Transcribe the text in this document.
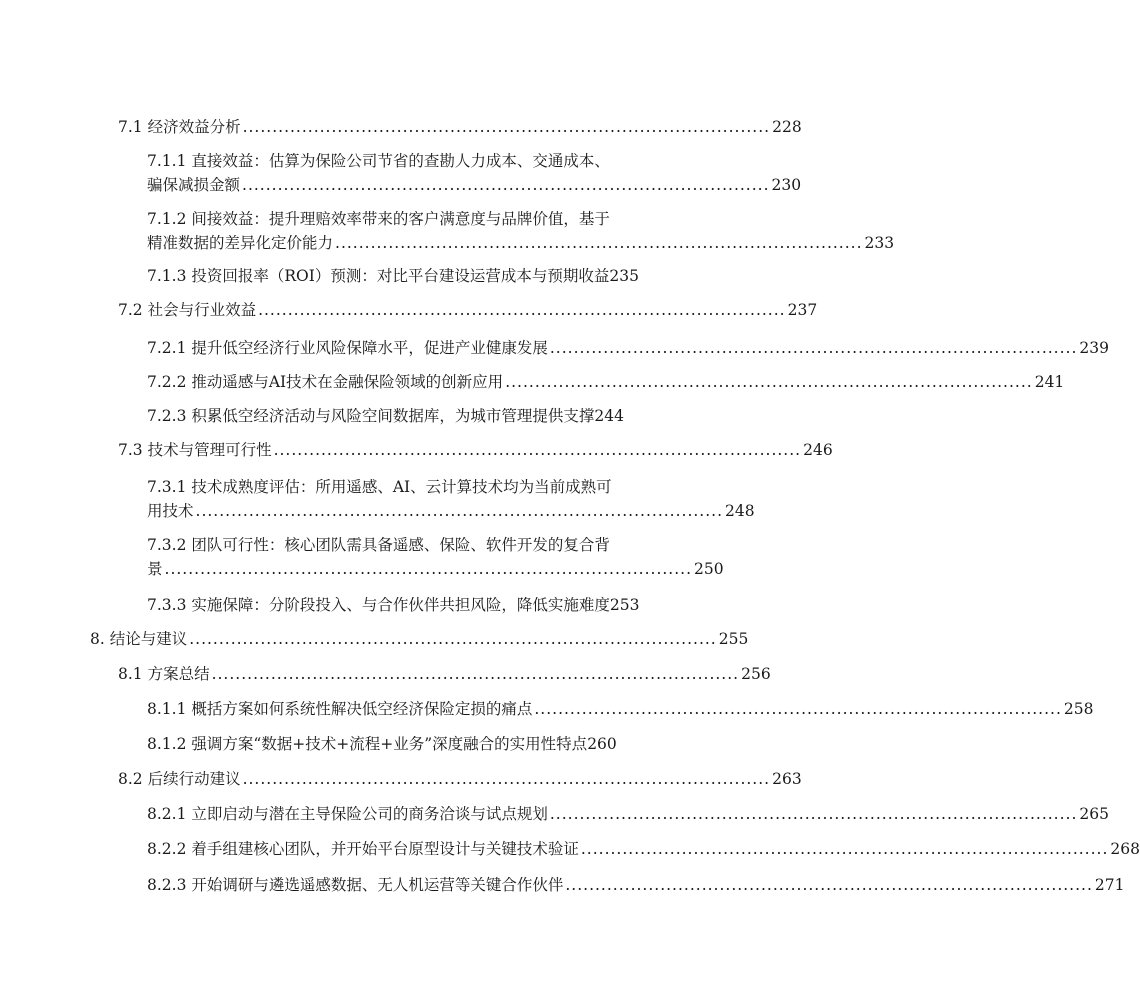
7.1 经济效益分析 ......................................................................................... 228
7.1.1 直接效益：估算为保险公司节省的查勘人力成本、交通成本、
骗保减损金额 ......................................................................................... 230
7.1.2 间接效益：提升理赔效率带来的客户满意度与品牌价值，基于
精准数据的差异化定价能力 ......................................................................................... 233
7.1.3 投资回报率（ROI）预测：对比平台建设运营成本与预期收益 235
7.2 社会与行业效益 ......................................................................................... 237
7.2.1 提升低空经济行业风险保障水平，促进产业健康发展 ......................................................................................... 239
7.2.2 推动遥感与AI技术在金融保险领域的创新应用 ......................................................................................... 241
7.2.3 积累低空经济活动与风险空间数据库，为城市管理提供支撑 244
7.3 技术与管理可行性 ......................................................................................... 246
7.3.1 技术成熟度评估：所用遥感、AI、云计算技术均为当前成熟可
用技术 ......................................................................................... 248
7.3.2 团队可行性：核心团队需具备遥感、保险、软件开发的复合背
景 ......................................................................................... 250
7.3.3 实施保障：分阶段投入、与合作伙伴共担风险，降低实施难度 253
8. 结论与建议 ......................................................................................... 255
8.1 方案总结 ......................................................................................... 256
8.1.1 概括方案如何系统性解决低空经济保险定损的痛点 ......................................................................................... 258
8.1.2 强调方案“数据+技术+流程+业务”深度融合的实用性特点 260
8.2 后续行动建议 ......................................................................................... 263
8.2.1 立即启动与潜在主导保险公司的商务洽谈与试点规划 ......................................................................................... 265
8.2.2 着手组建核心团队，并开始平台原型设计与关键技术验证 ......................................................................................... 268
8.2.3 开始调研与遴选遥感数据、无人机运营等关键合作伙伴 ......................................................................................... 271
